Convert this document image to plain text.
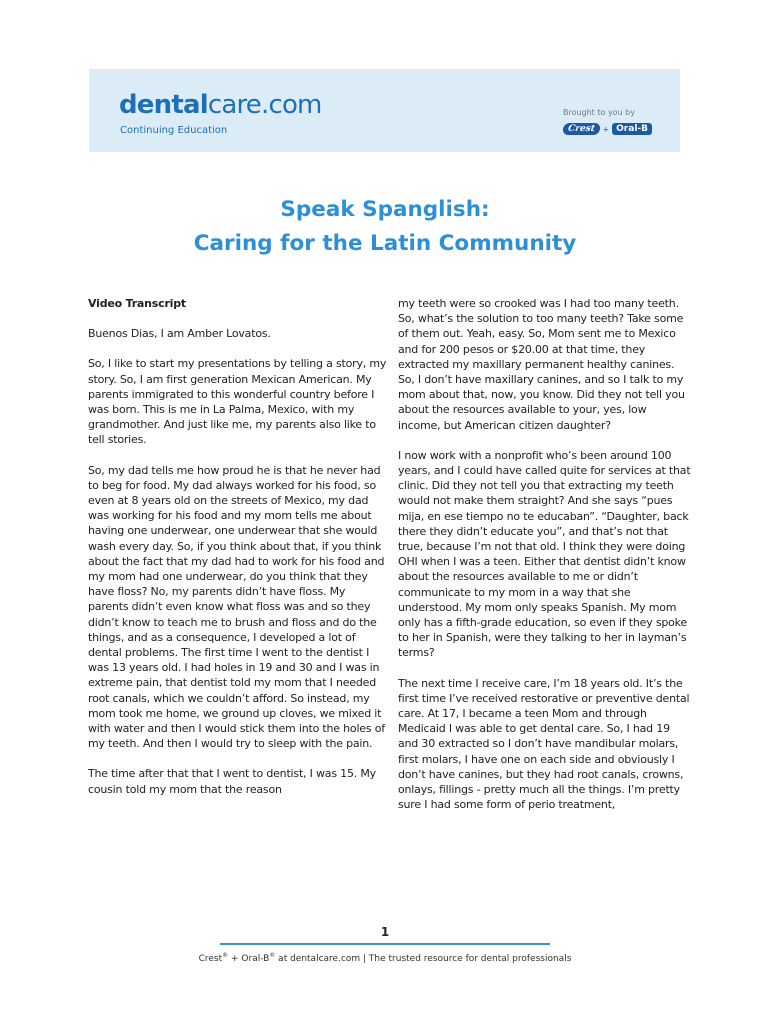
dentalcare.com
Continuing Education
Brought to you by
Crest + Oral-B
Speak Spanglish:
Caring for the Latin Community
Video Transcript

Buenos Dias, I am Amber Lovatos.

So, I like to start my presentations by telling a story, my story. So, I am first generation Mexican American. My parents immigrated to this wonderful country before I was born. This is me in La Palma, Mexico, with my grandmother. And just like me, my parents also like to tell stories.

So, my dad tells me how proud he is that he never had to beg for food. My dad always worked for his food, so even at 8 years old on the streets of Mexico, my dad was working for his food and my mom tells me about having one underwear, one underwear that she would wash every day. So, if you think about that, if you think about the fact that my dad had to work for his food and my mom had one underwear, do you think that they have floss? No, my parents didn’t have floss. My parents didn’t even know what floss was and so they didn’t know to teach me to brush and floss and do the things, and as a consequence, I developed a lot of dental problems. The first time I went to the dentist I was 13 years old. I had holes in 19 and 30 and I was in extreme pain, that dentist told my mom that I needed root canals, which we couldn’t afford. So instead, my mom took me home, we ground up cloves, we mixed it with water and then I would stick them into the holes of my teeth. And then I would try to sleep with the pain.

The time after that that I went to dentist, I was 15. My cousin told my mom that the reason

my teeth were so crooked was I had too many teeth. So, what’s the solution to too many teeth? Take some of them out. Yeah, easy. So, Mom sent me to Mexico and for 200 pesos or $20.00 at that time, they extracted my maxillary permanent healthy canines. So, I don’t have maxillary canines, and so I talk to my mom about that, now, you know. Did they not tell you about the resources available to your, yes, low income, but American citizen daughter?

I now work with a nonprofit who’s been around 100 years, and I could have called quite for services at that clinic. Did they not tell you that extracting my teeth would not make them straight? And she says “pues mija, en ese tiempo no te educaban”. “Daughter, back there they didn’t educate you”, and that’s not that true, because I’m not that old. I think they were doing OHI when I was a teen. Either that dentist didn’t know about the resources available to me or didn’t communicate to my mom in a way that she understood. My mom only speaks Spanish. My mom only has a fifth-grade education, so even if they spoke to her in Spanish, were they talking to her in layman’s terms?

The next time I receive care, I’m 18 years old. It’s the first time I’ve received restorative or preventive dental care. At 17, I became a teen Mom and through Medicaid I was able to get dental care. So, I had 19 and 30 extracted so I don’t have mandibular molars, first molars, I have one on each side and obviously I don’t have canines, but they had root canals, crowns, onlays, fillings - pretty much all the things. I’m pretty sure I had some form of perio treatment,

1
Crest® + Oral-B® at dentalcare.com | The trusted resource for dental professionals
